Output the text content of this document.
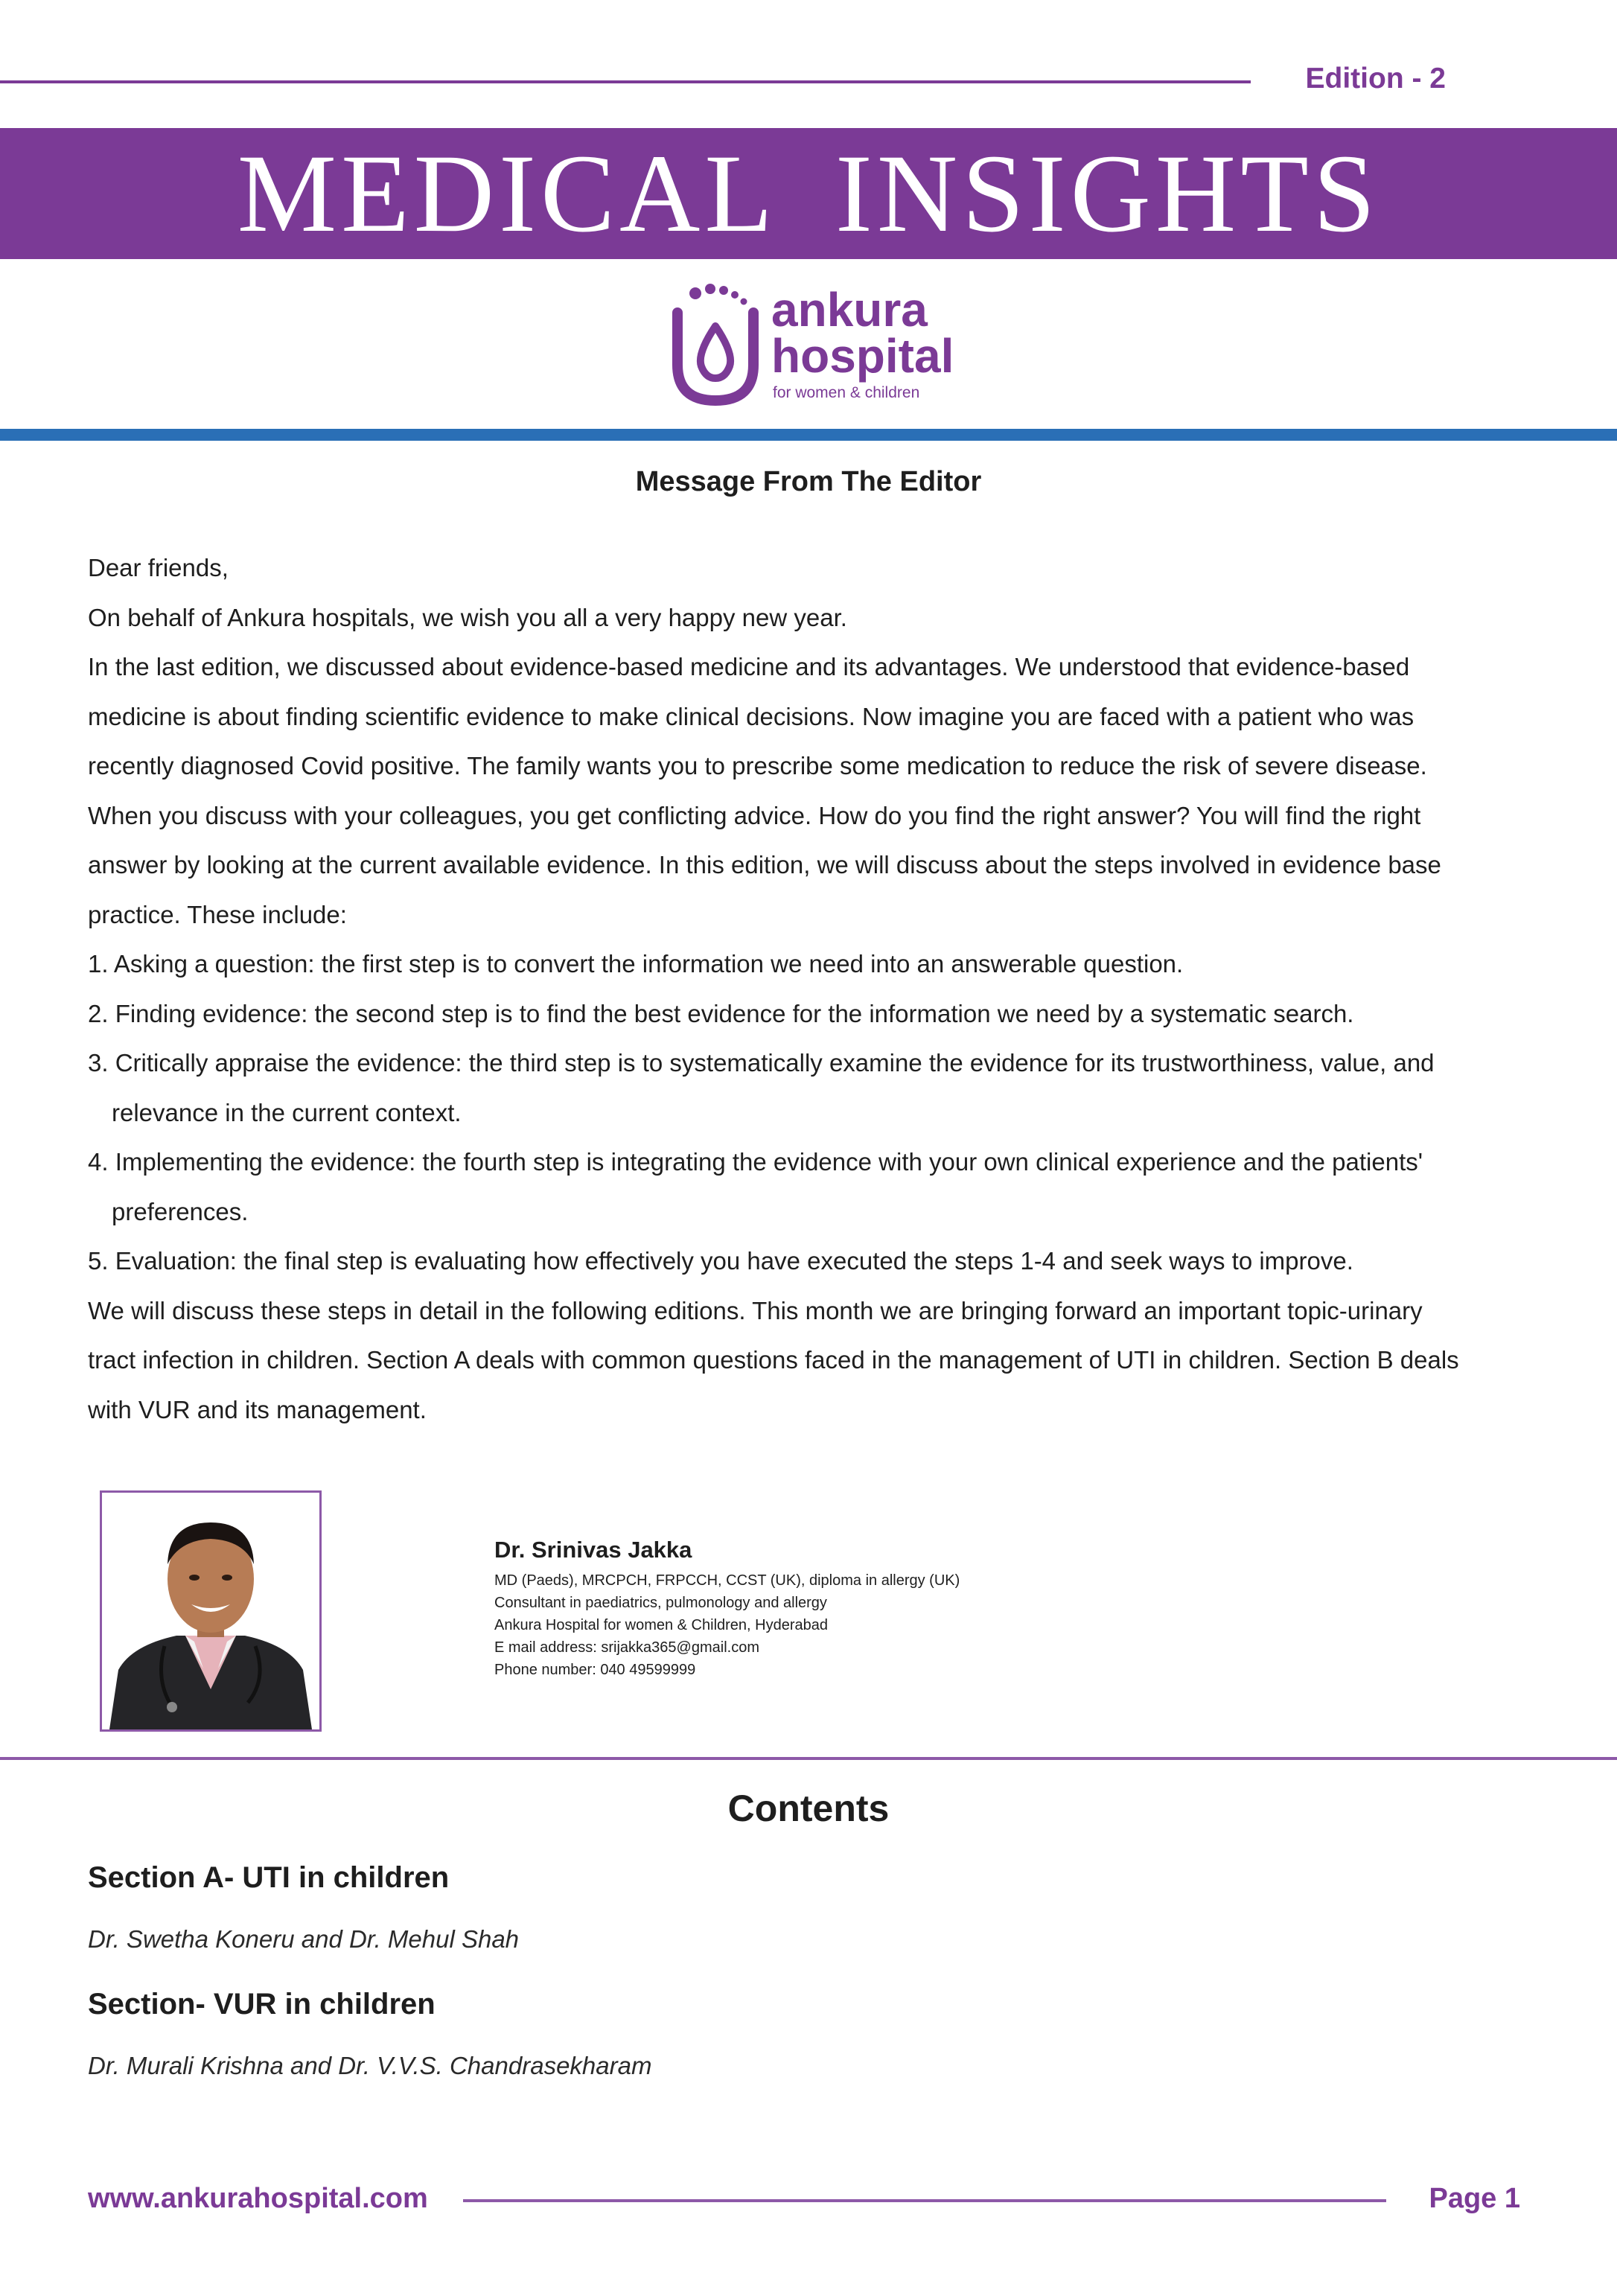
Edition - 2
MEDICAL INSIGHTS
ankura
hospital
for women & children
Message From The Editor
Dear friends,
On behalf of Ankura hospitals, we wish you all a very happy new year.
In the last edition, we discussed about evidence-based medicine and its advantages. We understood that evidence-based
medicine is about finding scientific evidence to make clinical decisions. Now imagine you are faced with a patient who was
recently diagnosed Covid positive. The family wants you to prescribe some medication to reduce the risk of severe disease.
When you discuss with your colleagues, you get conflicting advice. How do you find the right answer? You will find the right
answer by looking at the current available evidence. In this edition, we will discuss about the steps involved in evidence base
practice. These include:
1. Asking a question: the first step is to convert the information we need into an answerable question.
2. Finding evidence: the second step is to find the best evidence for the information we need by a systematic search.
3. Critically appraise the evidence: the third step is to systematically examine the evidence for its trustworthiness, value, and
relevance in the current context.
4. Implementing the evidence: the fourth step is integrating the evidence with your own clinical experience and the patients'
preferences.
5. Evaluation: the final step is evaluating how effectively you have executed the steps 1-4 and seek ways to improve.
We will discuss these steps in detail in the following editions. This month we are bringing forward an important topic-urinary
tract infection in children. Section A deals with common questions faced in the management of UTI in children. Section B deals
with VUR and its management.
Dr. Srinivas Jakka
MD (Paeds), MRCPCH, FRPCCH, CCST (UK), diploma in allergy (UK)
Consultant in paediatrics, pulmonology and allergy
Ankura Hospital for women & Children, Hyderabad
E mail address: srijakka365@gmail.com
Phone number: 040 49599999
Contents
Section A- UTI in children
Dr. Swetha Koneru and Dr. Mehul Shah
Section- VUR in children
Dr. Murali Krishna and Dr. V.V.S. Chandrasekharam
www.ankurahospital.com	Page 1
